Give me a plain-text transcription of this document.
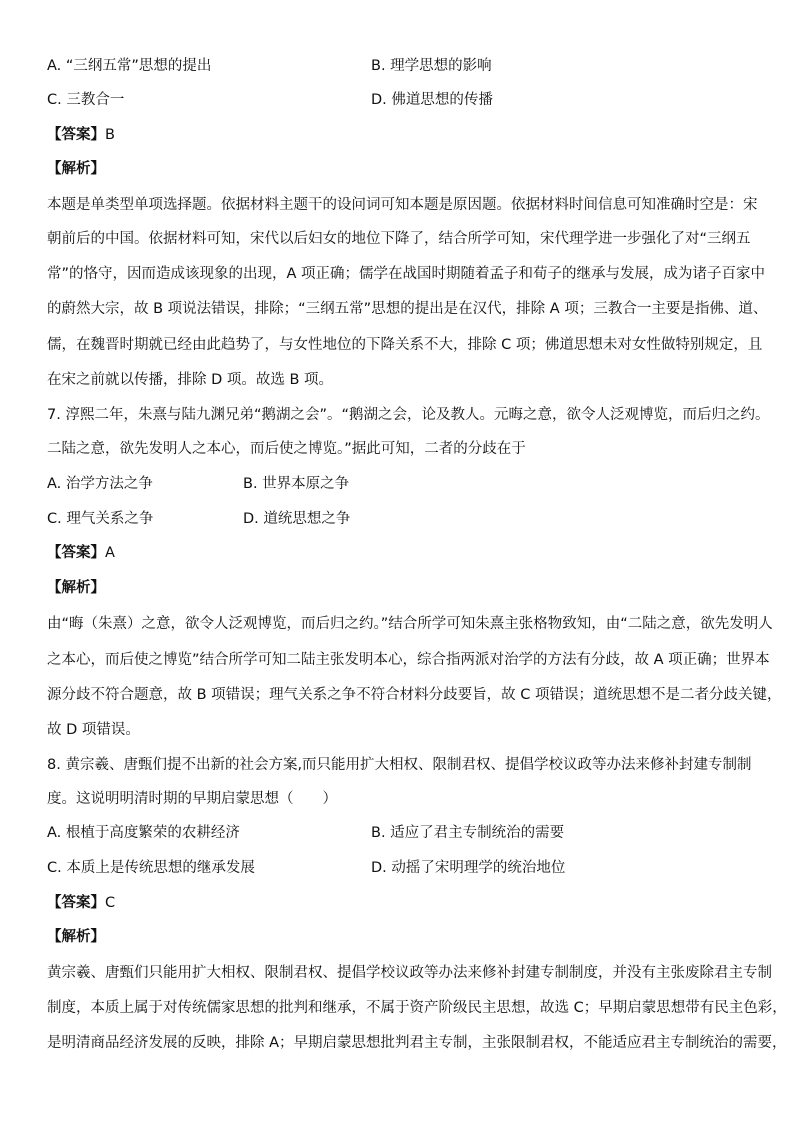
A. “三纲五常”思想的提出	B. 理学思想的影响
C. 三教合一	D. 佛道思想的传播
【答案】B
【解析】
本题是单类型单项选择题。依据材料主题干的设问词可知本题是原因题。依据材料时间信息可知准确时空是：宋
朝前后的中国。依据材料可知，宋代以后妇女的地位下降了，结合所学可知，宋代理学进一步强化了对“三纲五
常”的恪守，因而造成该现象的出现，A 项正确；儒学在战国时期随着孟子和荀子的继承与发展，成为诸子百家中
的蔚然大宗，故 B 项说法错误，排除；“三纲五常”思想的提出是在汉代，排除 A 项；三教合一主要是指佛、道、
儒，在魏晋时期就已经由此趋势了，与女性地位的下降关系不大，排除 C 项；佛道思想未对女性做特别规定，且
在宋之前就以传播，排除 D 项。故选 B 项。
7. 淳熙二年，朱熹与陆九渊兄弟“鹅湖之会”。“鹅湖之会，论及教人。元晦之意，欲令人泛观博览，而后归之约。
二陆之意，欲先发明人之本心，而后使之博览。”据此可知，二者的分歧在于
A. 治学方法之争	B. 世界本原之争
C. 理气关系之争	D. 道统思想之争
【答案】A
【解析】
由“晦（朱熹）之意，欲令人泛观博览，而后归之约。”结合所学可知朱熹主张格物致知，由“二陆之意，欲先发明人
之本心，而后使之博览”结合所学可知二陆主张发明本心，综合指两派对治学的方法有分歧，故 A 项正确；世界本
源分歧不符合题意，故 B 项错误；理气关系之争不符合材料分歧要旨，故 C 项错误；道统思想不是二者分歧关键，
故 D 项错误。
8. 黄宗羲、唐甄们提不出新的社会方案,而只能用扩大相权、限制君权、提倡学校议政等办法来修补封建专制制
度。这说明明清时期的早期启蒙思想（　　）
A. 根植于高度繁荣的农耕经济	B. 适应了君主专制统治的需要
C. 本质上是传统思想的继承发展	D. 动摇了宋明理学的统治地位
【答案】C
【解析】
黄宗羲、唐甄们只能用扩大相权、限制君权、提倡学校议政等办法来修补封建专制制度，并没有主张废除君主专制
制度，本质上属于对传统儒家思想的批判和继承，不属于资产阶级民主思想，故选 C；早期启蒙思想带有民主色彩，
是明清商品经济发展的反映，排除 A；早期启蒙思想批判君主专制，主张限制君权，不能适应君主专制统治的需要，
